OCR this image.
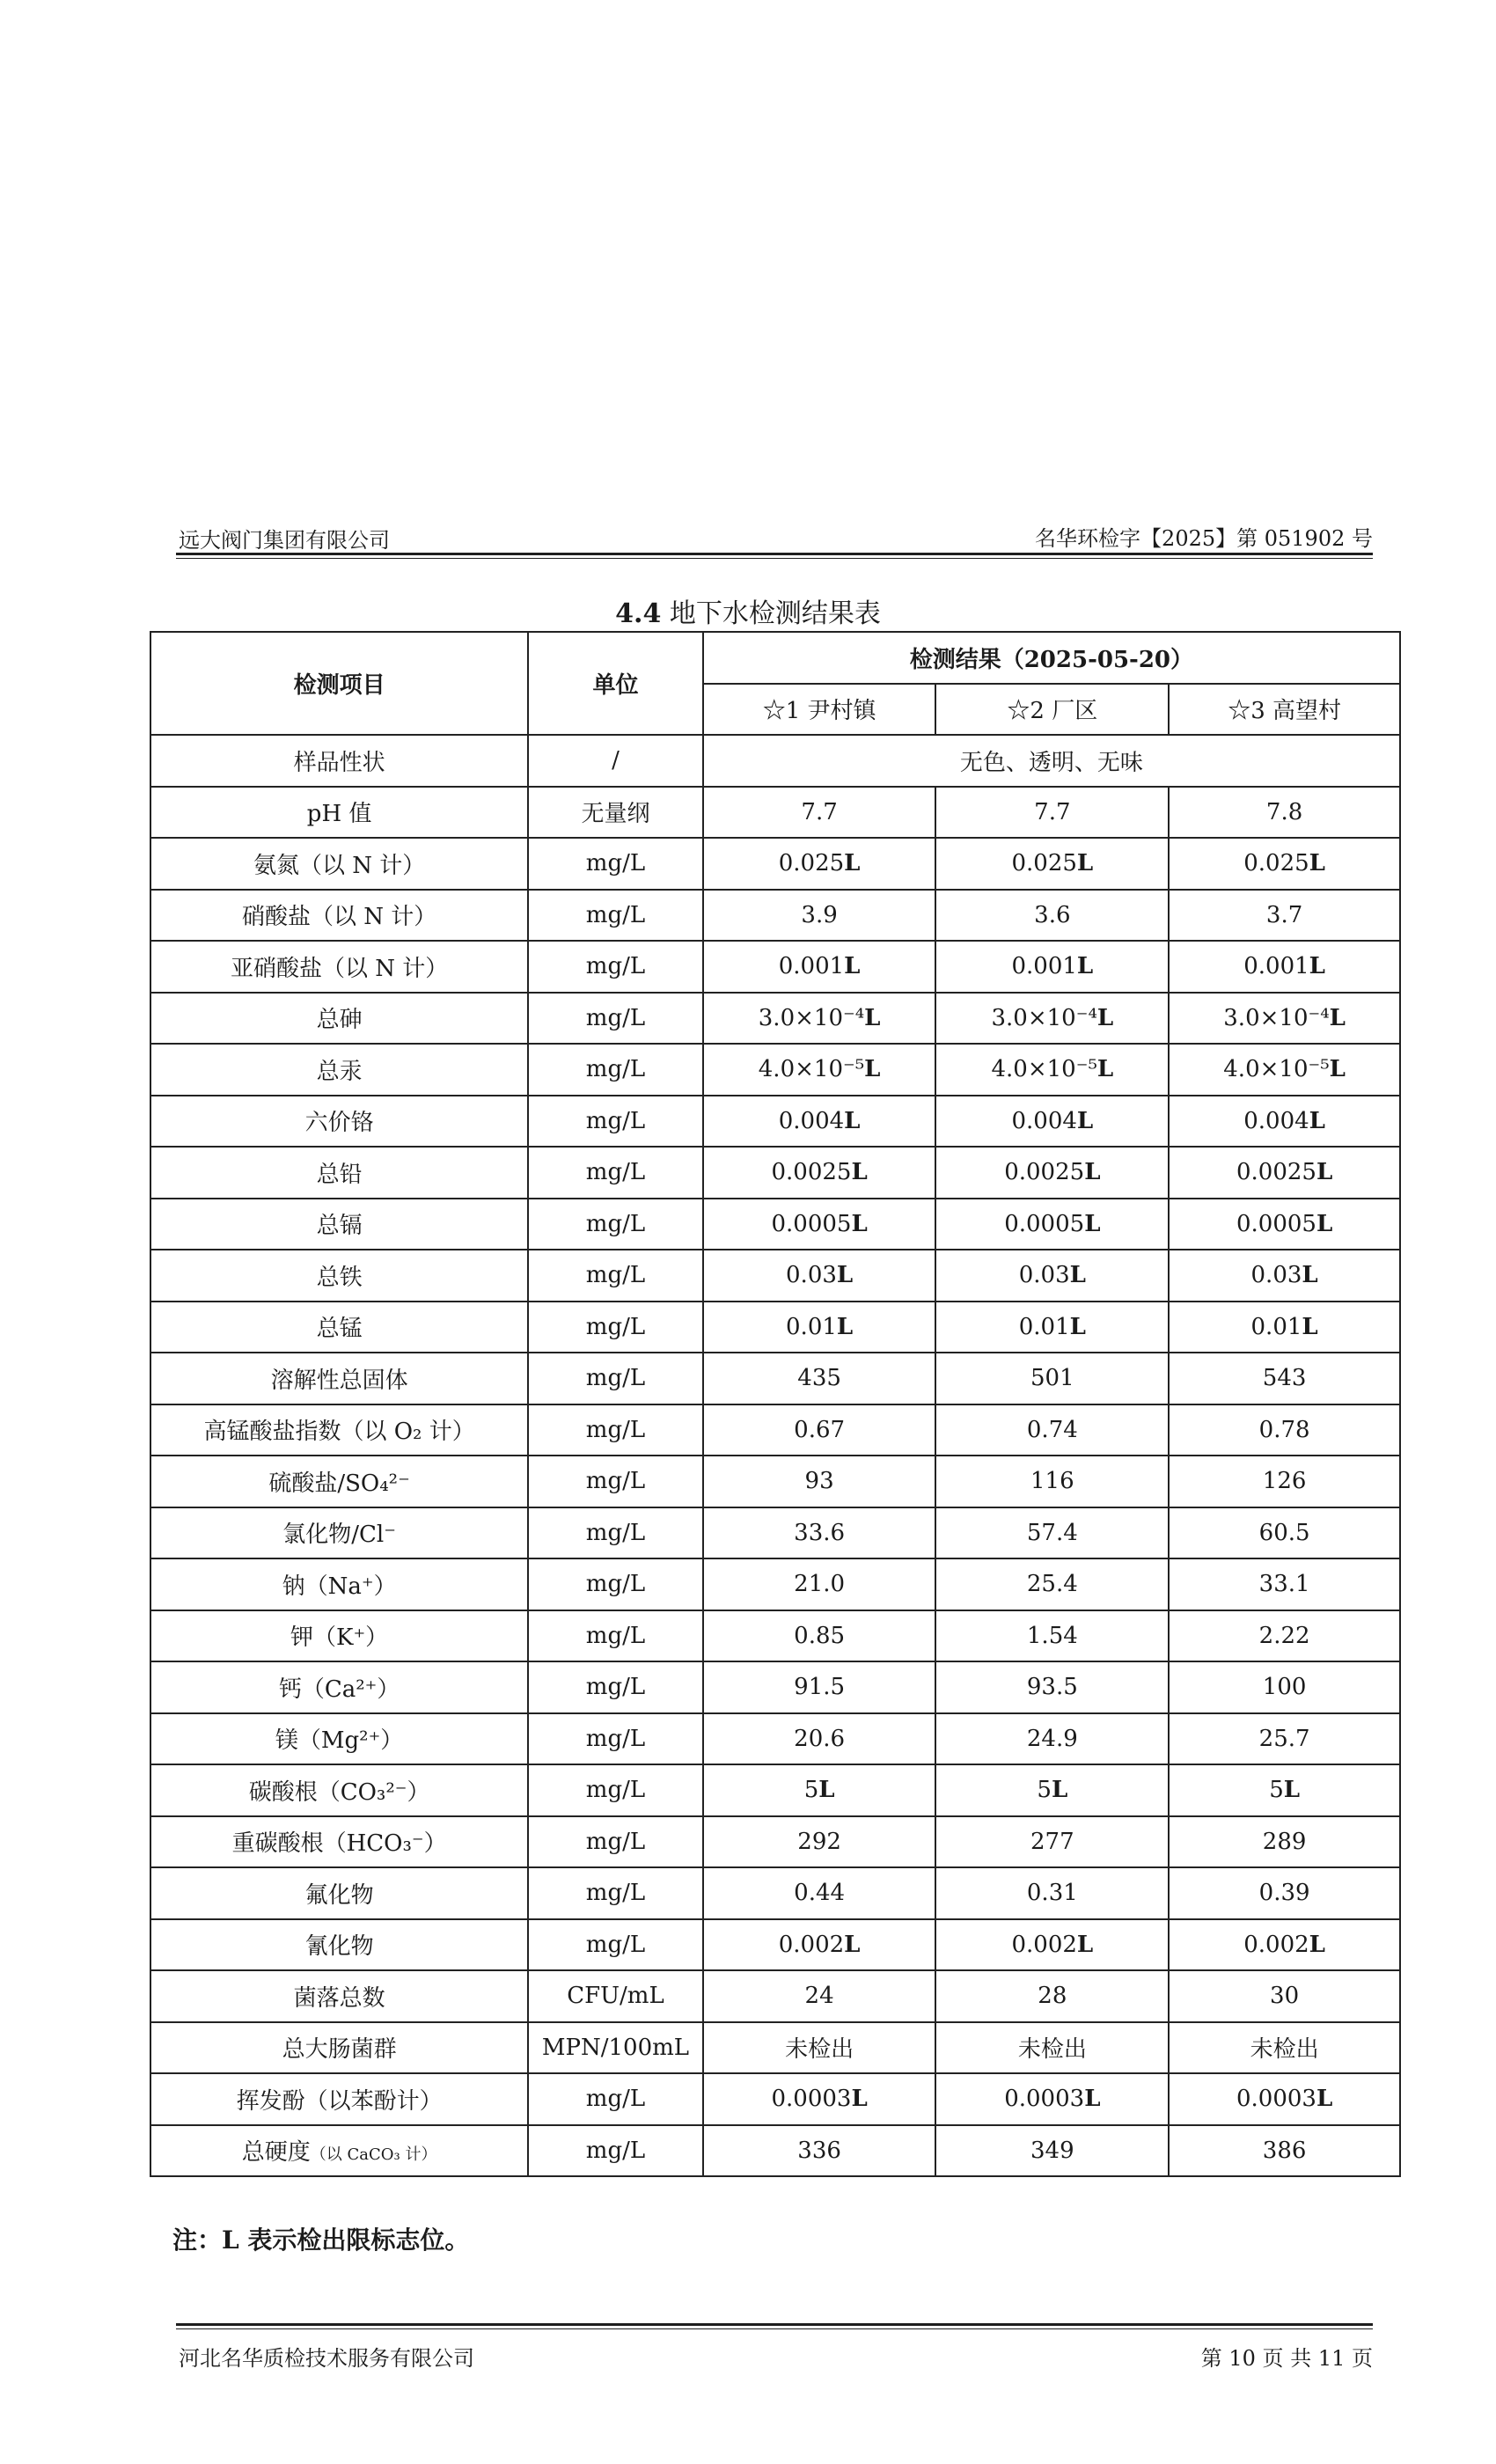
远大阀门集团有限公司	名华环检字【2025】第 051902 号
4.4 地下水检测结果表
检测项目	单位	检测结果（2025-05-20）		
		☆1 尹村镇	☆2 厂区	☆3 高望村
样品性状	/	无色、透明、无味		
pH 值	无量纲	7.7	7.7	7.8
氨氮（以 N 计）	mg/L	0.025L	0.025L	0.025L
硝酸盐（以 N 计）	mg/L	3.9	3.6	3.7
亚硝酸盐（以 N 计）	mg/L	0.001L	0.001L	0.001L
总砷	mg/L	3.0×10⁻⁴L	3.0×10⁻⁴L	3.0×10⁻⁴L
总汞	mg/L	4.0×10⁻⁵L	4.0×10⁻⁵L	4.0×10⁻⁵L
六价铬	mg/L	0.004L	0.004L	0.004L
总铅	mg/L	0.0025L	0.0025L	0.0025L
总镉	mg/L	0.0005L	0.0005L	0.0005L
总铁	mg/L	0.03L	0.03L	0.03L
总锰	mg/L	0.01L	0.01L	0.01L
溶解性总固体	mg/L	435	501	543
高锰酸盐指数（以 O₂ 计）	mg/L	0.67	0.74	0.78
硫酸盐/SO₄²⁻	mg/L	93	116	126
氯化物/Cl⁻	mg/L	33.6	57.4	60.5
钠（Na⁺）	mg/L	21.0	25.4	33.1
钾（K⁺）	mg/L	0.85	1.54	2.22
钙（Ca²⁺）	mg/L	91.5	93.5	100
镁（Mg²⁺）	mg/L	20.6	24.9	25.7
碳酸根（CO₃²⁻）	mg/L	5L	5L	5L
重碳酸根（HCO₃⁻）	mg/L	292	277	289
氟化物	mg/L	0.44	0.31	0.39
氰化物	mg/L	0.002L	0.002L	0.002L
菌落总数	CFU/mL	24	28	30
总大肠菌群	MPN/100mL	未检出	未检出	未检出
挥发酚（以苯酚计）	mg/L	0.0003L	0.0003L	0.0003L
总硬度（以 CaCO₃ 计）	mg/L	336	349	386
注：L 表示检出限标志位。
河北名华质检技术服务有限公司	第 10 页 共 11 页
